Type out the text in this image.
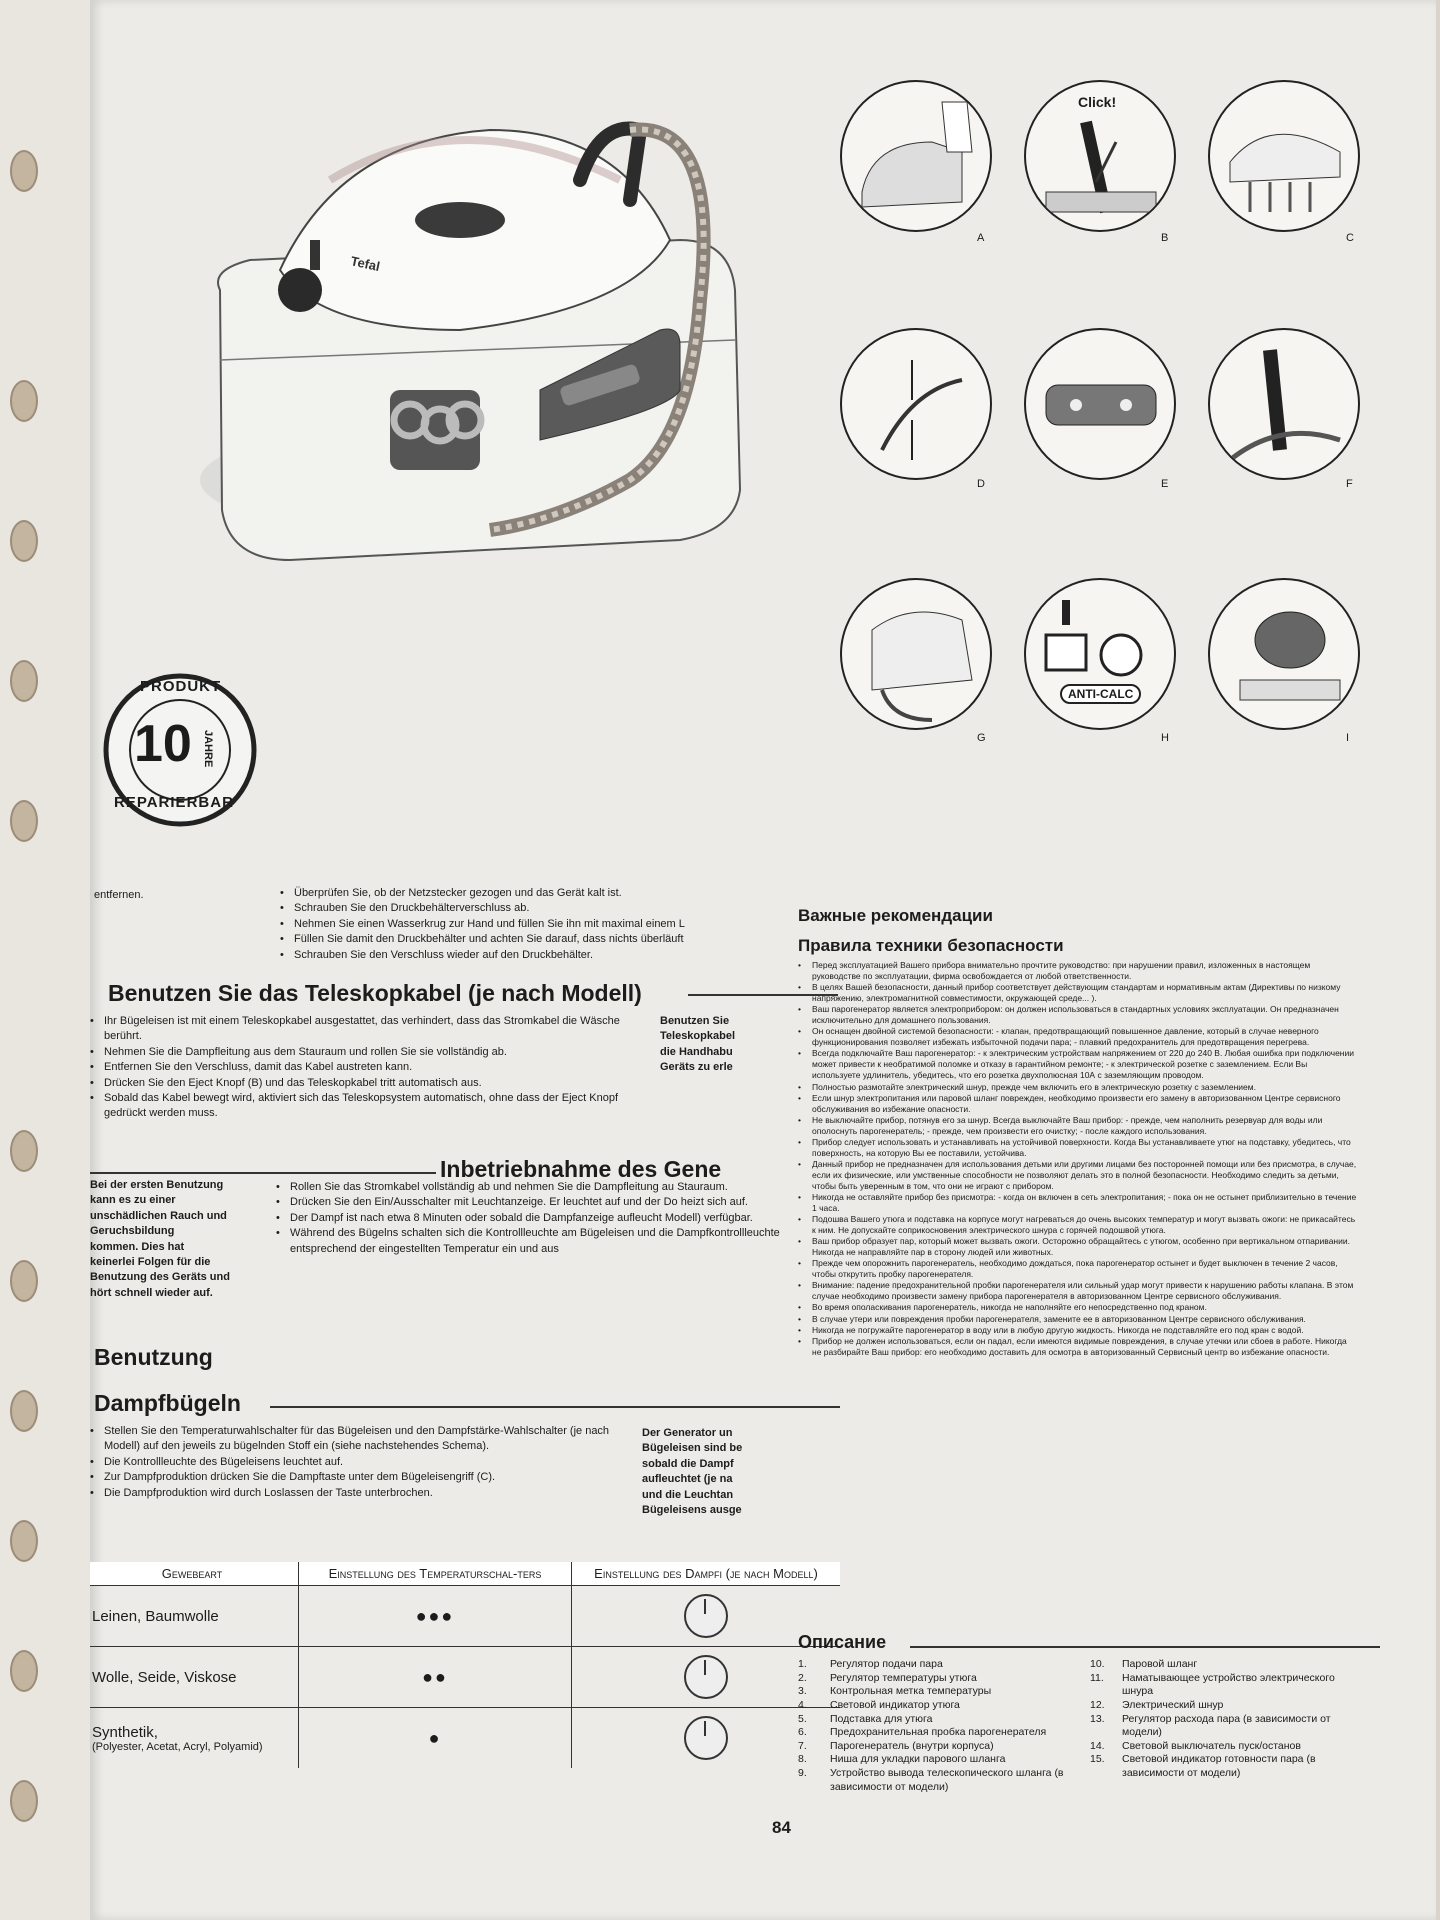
Tefal
PRODUKT
10 JAHRE
REPARIERBAR
A
Click!
B	C
D	E	F
G
ANTI-CALC
H	I
entfernen.	• Überprüfen Sie, ob der Netzstecker gezogen und das Gerät kalt ist.
• Schrauben Sie den Druckbehälterverschluss ab.
• Nehmen Sie einen Wasserkrug zur Hand und füllen Sie ihn mit maximal einem L
• Füllen Sie damit den Druckbehälter und achten Sie darauf, dass nichts überläuft
• Schrauben Sie den Verschluss wieder auf den Druckbehälter.
Benutzen Sie das Teleskopkabel (je nach Modell)
• Ihr Bügeleisen ist mit einem Teleskopkabel ausgestattet, das verhindert, dass das Stromkabel die Wäsche berührt.
• Nehmen Sie die Dampfleitung aus dem Stauraum und rollen Sie sie vollständig ab.
• Entfernen Sie den Verschluss, damit das Kabel austreten kann.
• Drücken Sie den Eject Knopf (B) und das Teleskopkabel tritt automatisch aus.
• Sobald das Kabel bewegt wird, aktiviert sich das Teleskopsystem automatisch, ohne dass der Eject Knopf gedrückt werden muss.
Benutzen Sie
Teleskopkabel
die Handhabu
Geräts zu erle
Inbetriebnahme des Gene
Bei der ersten Benutzung
kann es zu einer
unschädlichen Rauch und
Geruchsbildung
kommen. Dies hat
keinerlei Folgen für die
Benutzung des Geräts und
hört schnell wieder auf.
• Rollen Sie das Stromkabel vollständig ab und nehmen Sie die Dampfleitung au Stauraum.
• Drücken Sie den Ein/Ausschalter mit Leuchtanzeige. Er leuchtet auf und der Do heizt sich auf.
• Der Dampf ist nach etwa 8 Minuten oder sobald die Dampfanzeige aufleucht Modell) verfügbar.
• Während des Bügelns schalten sich die Kontrollleuchte am Bügeleisen und die Dampfkontrollleuchte entsprechend der eingestellten Temperatur ein und aus
Benutzung
Dampfbügeln
• Stellen Sie den Temperaturwahlschalter für das Bügeleisen und den Dampfstärke-Wahlschalter (je nach Modell) auf den jeweils zu bügelnden Stoff ein (siehe nachstehendes Schema).
• Die Kontrollleuchte des Bügeleisens leuchtet auf.
• Zur Dampfproduktion drücken Sie die Dampftaste unter dem Bügeleisengriff (C).
• Die Dampfproduktion wird durch Loslassen der Taste unterbrochen.
Der Generator un
Bügeleisen sind be
sobald die Dampf
aufleuchtet (je na
und die Leuchtan
Bügeleisens ausge
Gewebeart	Einstellung des Temperaturschal-ters	Einstellung des Dampfi (je nach Modell)
Leinen, Baumwolle	●●●	

Wolle, Seide, Viskose	●●	

Synthetik,
(Polyester, Acetat, Acryl, Polyamid)	●	
Важные рекомендации
Правила техники безопасности
• Перед эксплуатацией Вашего прибора внимательно прочтите руководство: при нарушении правил, изложенных в настоящем руководстве по эксплуатации, фирма освобождается от любой ответственности.
• В целях Вашей безопасности, данный прибор соответствует действующим стандартам и нормативным актам (Директивы по низкому напряжению, электромагнитной совместимости, окружающей среде... ).
• Ваш парогенератор является электроприбором: он должен использоваться в стандартных условиях эксплуатации. Он предназначен исключительно для домашнего пользования.
• Он оснащен двойной системой безопасности: - клапан, предотвращающий повышенное давление, который в случае неверного функционирования позволяет избежать избыточной подачи пара; - плавкий предохранитель для предотвращения перегрева.
• Всегда подключайте Ваш парогенератор: - к электрическим устройствам напряжением от 220 до 240 В. Любая ошибка при подключении может привести к необратимой поломке и отказу в гарантийном ремонте; - к электрической розетке с заземлением. Если Вы используете удлинитель, убедитесь, что его розетка двухполюсная 10А с заземляющим проводом.
• Полностью размотайте электрический шнур, прежде чем включить его в электрическую розетку с заземлением.
• Если шнур электропитания или паровой шланг поврежден, необходимо произвести его замену в авторизованном Центре сервисного обслуживания во избежание опасности.
• Не выключайте прибор, потянув его за шнур. Всегда выключайте Ваш прибор: - прежде, чем наполнить резервуар для воды или ополоснуть парогенератель; - прежде, чем произвести его очистку; - после каждого использования.
• Прибор следует использовать и устанавливать на устойчивой поверхности. Когда Вы устанавливаете утюг на подставку, убедитесь, что поверхность, на которую Вы ее поставили, устойчива.
• Данный прибор не предназначен для использования детьми или другими лицами без посторонней помощи или без присмотра, в случае, если их физические, или умственные способности не позволяют делать это в полной безопасности. Необходимо следить за детьми, чтобы быть уверенным в том, что они не играют с прибором.
• Никогда не оставляйте прибор без присмотра: - когда он включен в сеть электропитания; - пока он не остынет приблизительно в течение 1 часа.
• Подошва Вашего утюга и подставка на корпусе могут нагреваться до очень высоких температур и могут вызвать ожоги: не прикасайтесь к ним. Не допускайте соприкосновения электрического шнура с горячей подошвой утюга.
• Ваш прибор образует пар, который может вызвать ожоги. Осторожно обращайтесь с утюгом, особенно при вертикальном отпаривании. Никогда не направляйте пар в сторону людей или животных.
• Прежде чем опорожнить парогенератель, необходимо дождаться, пока парогенератор остынет и будет выключен в течение 2 часов, чтобы открутить пробку парогенерателя.
• Внимание: падение предохранительной пробки парогенерателя или сильный удар могут привести к нарушению работы клапана. В этом случае необходимо произвести замену прибора парогенерателя в авторизованном Центре сервисного обслуживания.
• Во время ополаскивания парогенератель, никогда не наполняйте его непосредственно под краном.
• В случае утери или повреждения пробки парогенерателя, замените ее в авторизованном Центре сервисного обслуживания.
• Никогда не погружайте парогенератор в воду или в любую другую жидкость. Никогда не подставляйте его под кран с водой.
• Прибор не должен использоваться, если он падал, если имеются видимые повреждения, в случае утечки или сбоев в работе. Никогда не разбирайте Ваш прибор: его необходимо доставить для осмотра в авторизованный Сервисный центр во избежание опасности.
Описание
1.	Регулятор подачи пара
2.	Регулятор температуры утюга
3.	Контрольная метка температуры
4.	Световой индикатор утюга
5.	Подставка для утюга
6.	Предохранительная пробка парогенерателя
7.	Парогенератель (внутри корпуса)
8.	Ниша для укладки парового шланга
9.	Устройство вывода телескопического шланга (в зависимости от модели)
10.	Паровой шланг
11.	Наматывающее устройство электрического шнура
12.	Электрический шнур
13.	Регулятор расхода пара (в зависимости от модели)
14.	Световой выключатель пуск/останов
15.	Световой индикатор готовности пара (в зависимости от модели)
84
